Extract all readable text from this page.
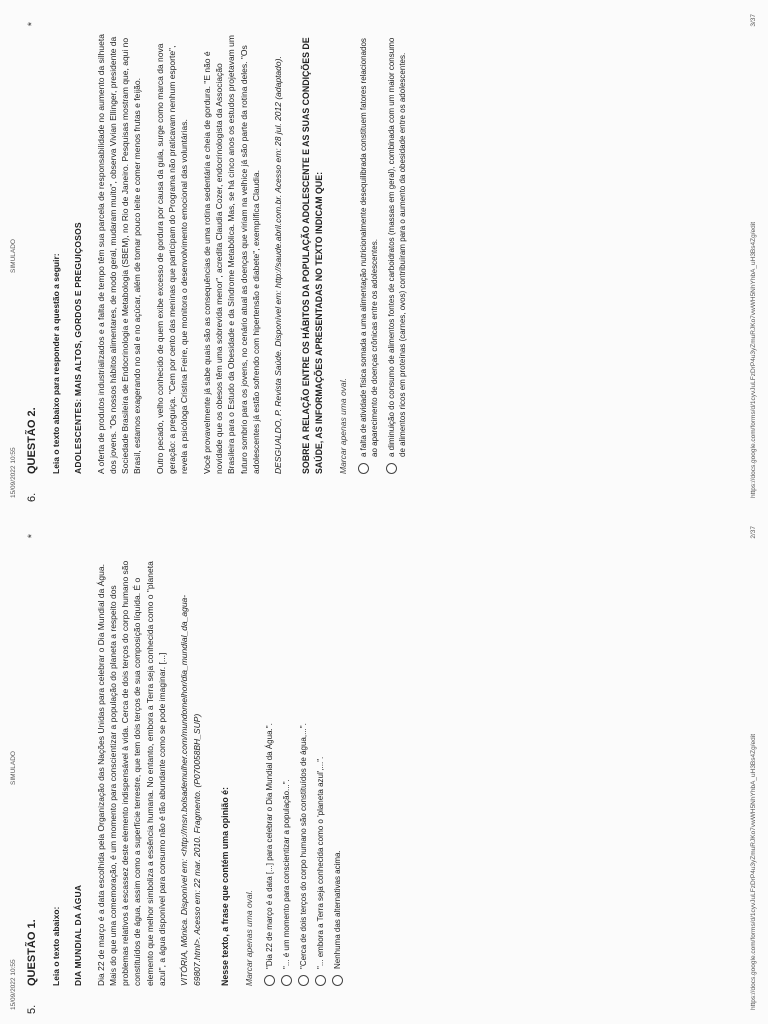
15/09/2022 10:55
SIMULADO
5.
QUESTÃO 1.
*

Leia o texto abaixo: DIA MUNDIAL DA ÁGUA Dia 22 de março é a data escolhida pela Organização das Nações Unidas para celebrar o Dia Mundial da Água. Mais do que uma comemoração, é um momento para conscientizar a população do planeta a respeito dos problemas relativos à escassez deste elemento indispensável à vida. Cerca de dois terços do corpo humano são constituídos de água, assim como a superfície terrestre, que tem dois terços de sua composição líquida. É o elemento que melhor simboliza a essência humana. No entanto, embora a Terra seja conhecida como o "planeta azul", a água disponível para consumo não é tão abundante como se pode imaginar. [...] VITÓRIA, Mônica. Disponível em: <http://msn.bolsademulher.com/mundomelhor/dia_mundial_da_agua-69807.html>. Acesso em: 22 mar. 2010. Fragmento. (P070058BH_SUP) Nesse texto, a frase que contém uma opinião é: Marcar apenas uma oval. "Dia 22 de março é a data [...] para celebrar o Dia Mundial da Água.". "... é um momento para conscientizar a população...". "Cerca de dois terços do corpo humano são constituídos de água,...". "... embora a Terra seja conhecida como o 'planeta azul',...". Nenhuma das alternativas acima.	https://docs.google.com/forms/d/1cyvJuLFzDrP4u3yZmuRJKo7vwWH5NhYhbA_uH3Bs4Zg/edit
2/37
15/09/2022 10:55
SIMULADO
6.
QUESTÃO 2.
*

Leia o texto abaixo para responder a questão a seguir: ADOLESCENTES: MAIS ALTOS, GORDOS E PREGUIÇOSOS A oferta de produtos industrializados e a falta de tempo têm sua parcela de responsabilidade no aumento da silhueta dos jovens. "Os nossos hábitos alimentares, de modo geral, mudaram muito", observa Vivian Ellinger, presidente da Sociedade Brasileira de Endocrinologia e Metabologia (SBEM), no Rio de Janeiro. Pesquisas mostram que, aqui no Brasil, estamos exagerando no sal e no açúcar, além de tomar pouco leite e comer menos frutas e feijão. Outro pecado, velho conhecido de quem exibe excesso de gordura por causa da gula, surge como marca da nova geração: a preguiça. "Cem por cento das meninas que participam do Programa não praticavam nenhum esporte", revela a psicóloga Cristina Freire, que monitora o desenvolvimento emocional das voluntárias. Você provavelmente já sabe quais são as consequências de uma rotina sedentária e cheia de gordura. "E não é novidade que os obesos têm uma sobrevida menor", acredita Claudia Cozer, endocrinologista da Associação Brasileira para o Estudo da Obesidade e da Síndrome Metabólica. Mas, se há cinco anos os estudos projetavam um futuro sombrio para os jovens, no cenário atual as doenças que viriam na velhice já são parte da rotina deles. "Os adolescentes já estão sofrendo com hipertensão e diabete", exemplifica Claudia. DESGUALDO, P. Revista Saúde. Disponível em: http://saude.abril.com.br. Acesso em: 28 jul. 2012 (adaptado). SOBRE A RELAÇÃO ENTRE OS HÁBITOS DA POPULAÇÃO ADOLESCENTE E AS SUAS CONDIÇÕES DE SAÚDE, AS INFORMAÇÕES APRESENTADAS NO TEXTO INDICAM QUE: Marcar apenas uma oval. a falta de atividade física somada a uma alimentação nutricionalmente desequilibrada constituem fatores relacionados ao aparecimento de doenças crônicas entre os adolescentes. a diminuição do consumo de alimentos fontes de carboidratos (massas em geral), combinada com um maior consumo de alimentos ricos em proteínas (carnes, ovos) contribuíram para o aumento da obesidade entre os adolescentes.	https://docs.google.com/forms/d/1cyvJuLFzDrP4u3yZmuRJKo7vwWH5NhYhbA_uH3Bs4Zg/edit
3/37
